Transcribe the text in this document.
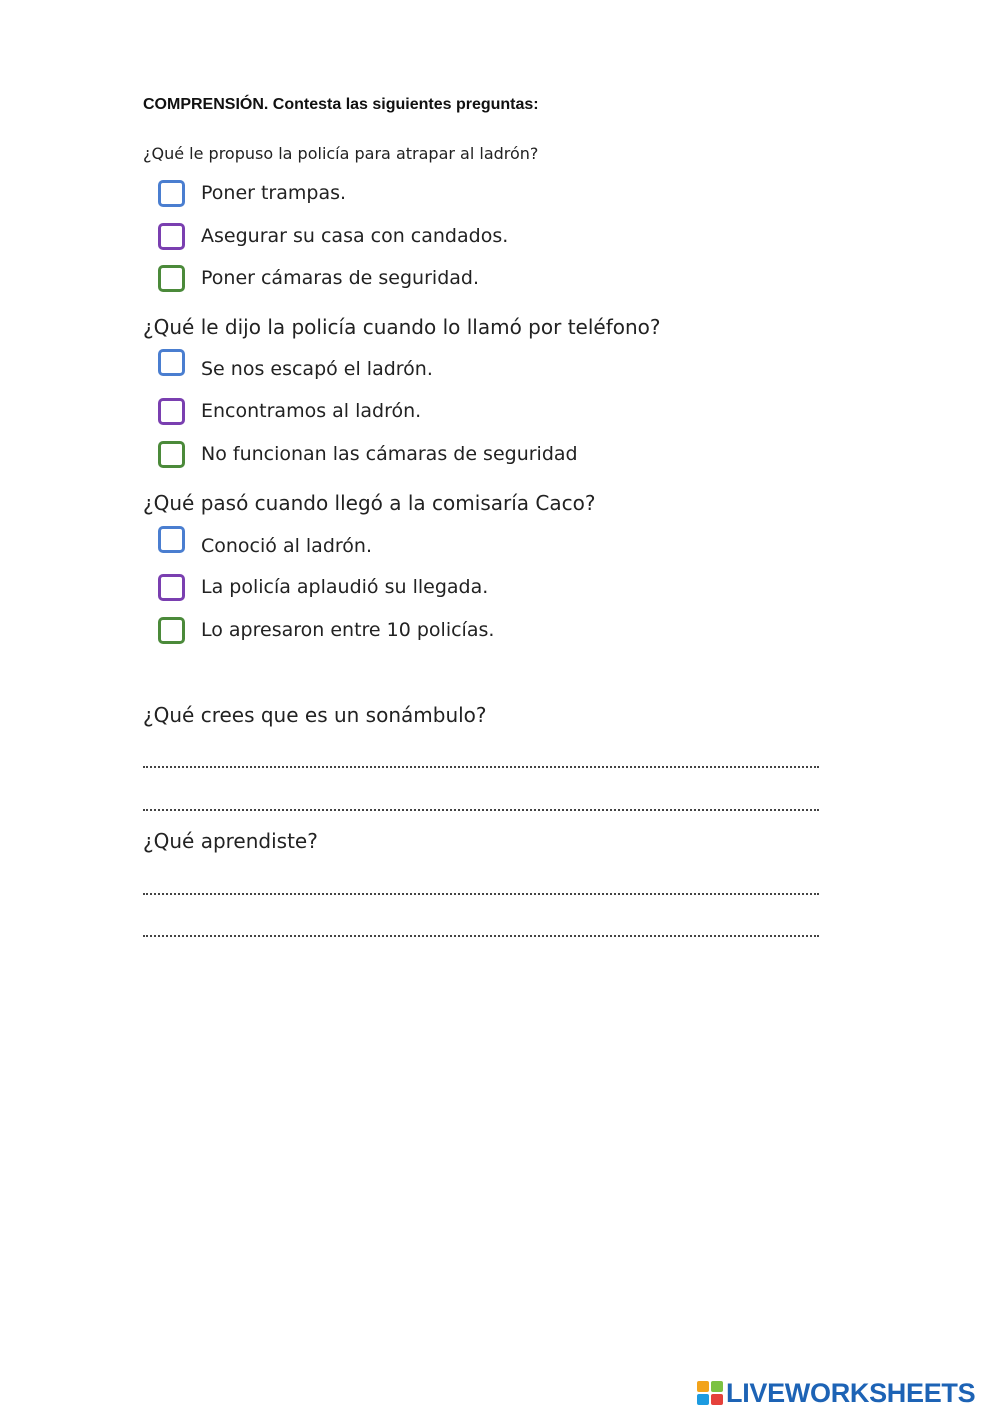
COMPRENSIÓN. Contesta las siguientes preguntas:
¿Qué le propuso la policía para atrapar al ladrón?
Poner trampas.
Asegurar su casa con candados.
Poner cámaras de seguridad.
¿Qué le dijo la policía cuando lo llamó por teléfono?
Se nos escapó el ladrón.
Encontramos al ladrón.
No funcionan las cámaras de seguridad
¿Qué pasó cuando llegó a la comisaría Caco?
Conoció al ladrón.
La policía aplaudió su llegada.
Lo apresaron entre 10 policías.
¿Qué crees que es un sonámbulo?
¿Qué aprendiste?
LIVEWORKSHEETS
